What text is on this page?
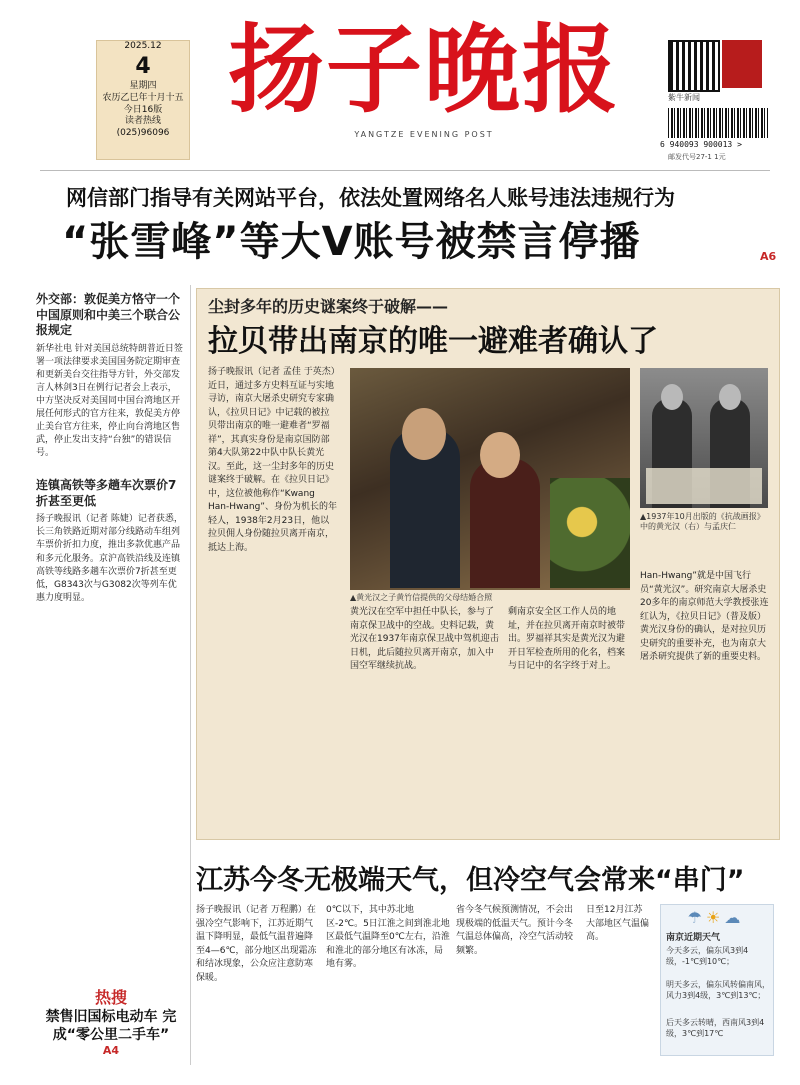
2025.12
4
星期四
农历乙巳年十月十五
今日16版
读者热线
(025)96096
扬子晚报
YANGTZE EVENING POST
紫牛新闻
6 940093 900013 >
邮发代号27-1 1元
网信部门指导有关网站平台，依法处置网络名人账号违法违规行为
“张雪峰”等大V账号被禁言停播	A6
外交部：敦促美方恪守一个中国原则和中美三个联合公报规定

新华社电 针对美国总统特朗普近日签署一项法律要求美国国务院定期审查和更新美台交往指导方针，外交部发言人林剑3日在例行记者会上表示，中方坚决反对美国同中国台湾地区开展任何形式的官方往来，敦促美方停止美台官方往来，停止向台湾地区售武，停止发出支持“台独”的错误信号。

连镇高铁等多趟车次票价7折甚至更低

扬子晚报讯（记者 陈婕）记者获悉，长三角铁路近期对部分线路动车组列车票价折扣力度，推出多款优惠产品和多元化服务。京沪高铁沿线及连镇高铁等线路多趟车次票价7折甚至更低，G8343次与G3082次等列车优惠力度明显。

热搜
禁售旧国标电动车 完成“零公里二手车”
A4
尘封多年的历史谜案终于破解——
拉贝带出南京的唯一避难者确认了
扬子晚报讯（记者 孟佳 于英杰）近日，通过多方史料互证与实地寻访，南京大屠杀史研究专家确认，《拉贝日记》中记载的被拉贝带出南京的唯一避难者“罗福祥”，其真实身份是南京国防部第4大队第22中队中队长黄光汉。至此，这一尘封多年的历史谜案终于破解。在《拉贝日记》中，这位被他称作“Kwang Han-Hwang”、身份为机长的年轻人，1938年2月23日，他以拉贝佣人身份随拉贝离开南京，抵达上海。
▲黄光汉之子黄竹信提供的父母结婚合照
▲1937年10月出版的《抗战画报》中的黄光汉（右）与孟庆仁
黄光汉在空军中担任中队长，参与了南京保卫战中的空战。史料记载，黄光汉在1937年南京保卫战中驾机迎击日机，此后随拉贝离开南京，加入中国空军继续抗战。
剩南京安全区工作人员的地址，并在拉贝离开南京时被带出。罗福祥其实是黄光汉为避开日军检查所用的化名，档案与日记中的名字终于对上。
Han-Hwang”就是中国飞行员“黄光汉”。研究南京大屠杀史20多年的南京师范大学教授张连红认为，《拉贝日记》（普及版）黄光汉身份的确认，是对拉贝历史研究的重要补充，也为南京大屠杀研究提供了新的重要史料。
江苏今冬无极端天气，但冷空气会常来“串门”
扬子晚报讯（记者 万程鹏）在强冷空气影响下，江苏近期气温下降明显，最低气温普遍降至4—6℃，部分地区出现霜冻和结冰现象，公众应注意防寒保暖。
0℃以下，其中苏北地区-2℃。5日江淮之间到淮北地区最低气温降至0℃左右，沿淮和淮北的部分地区有冰冻，局地有雾。
省今冬气候预测情况，不会出现极端的低温天气。预计今冬气温总体偏高，冷空气活动较频繁。
日至12月江苏大部地区气温偏高。
☂☀☁
南京近期天气
今天多云，偏东风3到4级，-1℃到10℃；
明天多云，偏东风转偏南风，风力3到4级，3℃到13℃；
后天多云转晴，西南风3到4级，3℃到17℃
